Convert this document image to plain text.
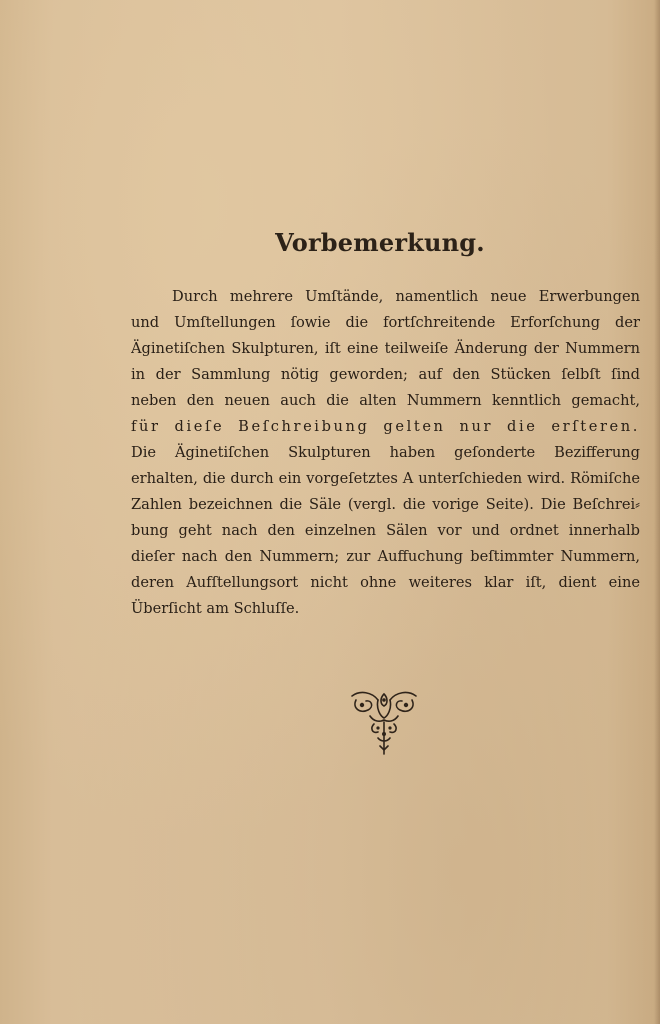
Vorbemerkung.
Durch mehrere Umſtände, namentlich neue Erwerbungen
und Umſtellungen ſowie die fortſchreitende Erforſchung der
Äginetiſchen Skulpturen, iſt eine teilweiſe Änderung der Nummern
in der Sammlung nötig geworden; auf den Stücken ſelbſt ſind
neben den neuen auch die alten Nummern kenntlich gemacht,
für dieſe Beſchreibung gelten nur die erſteren.
Die Äginetiſchen Skulpturen haben geſonderte Bezifferung
erhalten, die durch ein vorgeſetztes A unterſchieden wird. Römiſche
Zahlen bezeichnen die Säle (vergl. die vorige Seite). Die Beſchrei⸗
bung geht nach den einzelnen Sälen vor und ordnet innerhalb
dieſer nach den Nummern; zur Auffuchung beſtimmter Nummern,
deren Aufſtellungsort nicht ohne weiteres klar iſt, dient eine
Überſicht am Schluſſe.
